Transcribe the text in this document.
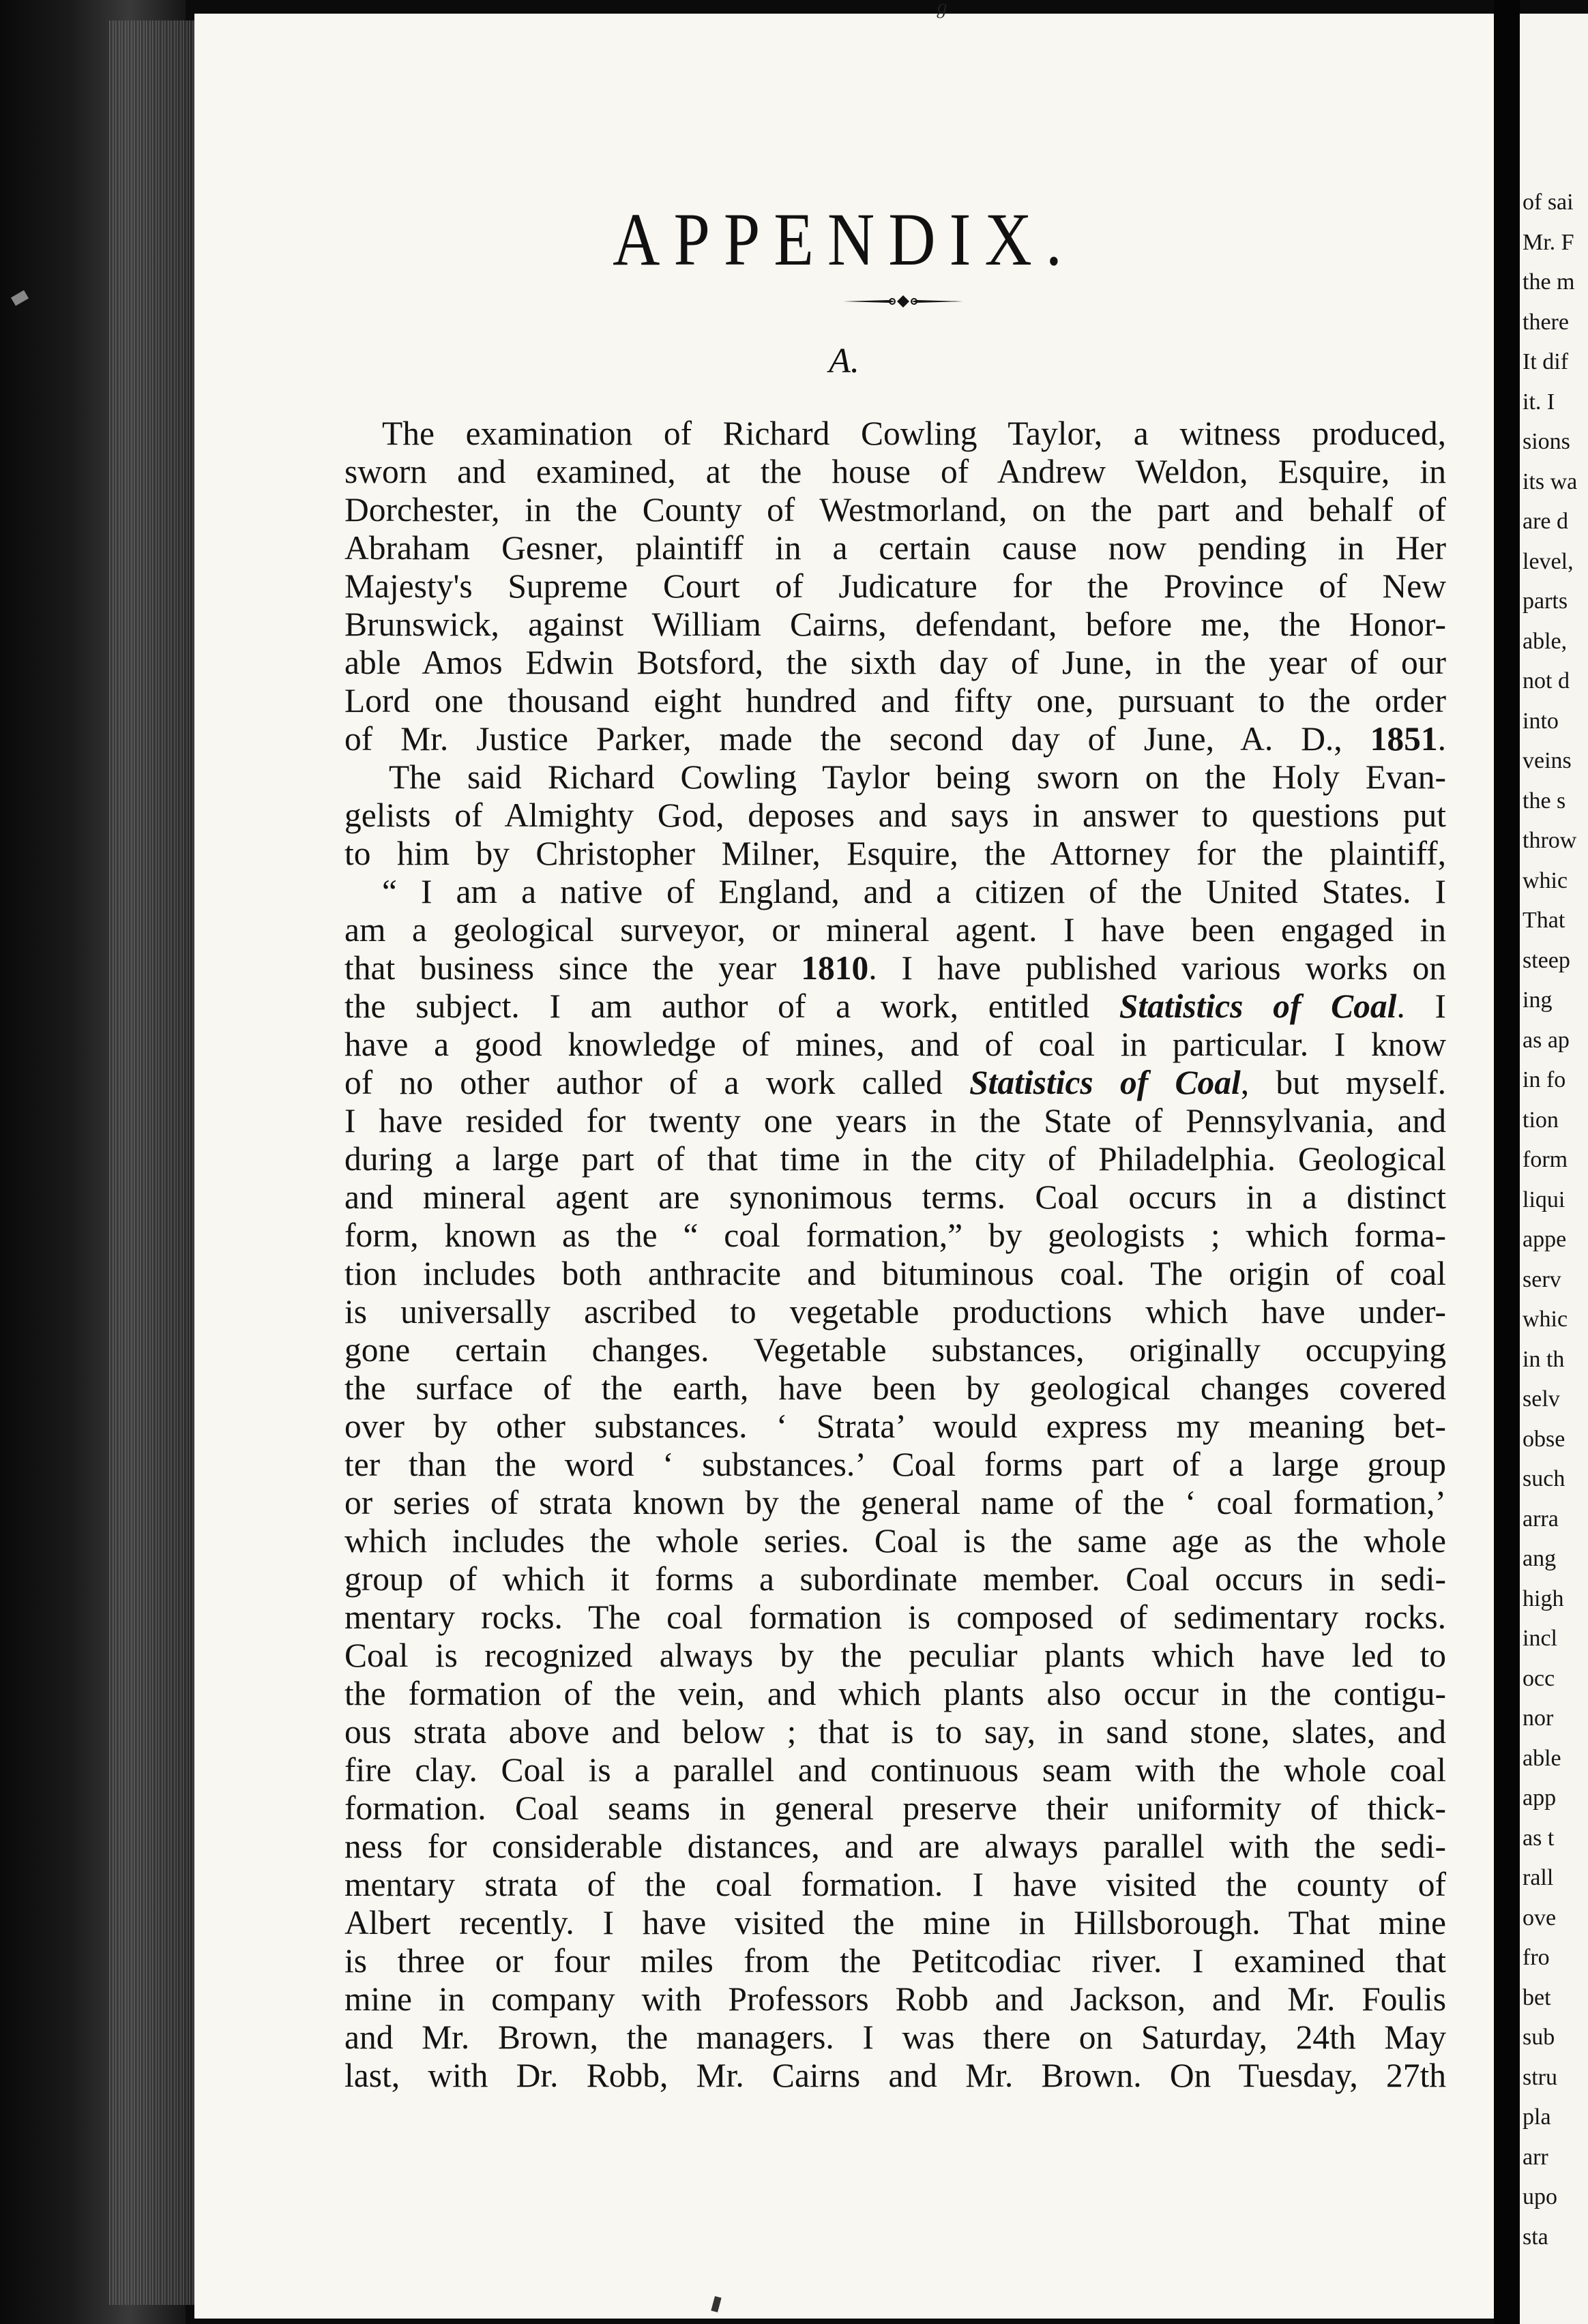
ℊ
APPENDIX.
A.
The examination of Richard Cowling Taylor, a witness produced,
sworn and examined, at the house of Andrew Weldon, Esquire, in
Dorchester, in the County of Westmorland, on the part and behalf of
Abraham Gesner, plaintiff in a certain cause now pending in Her
Majesty's Supreme Court of Judicature for the Province of New
Brunswick, against William Cairns, defendant, before me, the Honor-
able Amos Edwin Botsford, the sixth day of June, in the year of our
Lord one thousand eight hundred and fifty one, pursuant to the order
of Mr. Justice Parker, made the second day of June, A. D., 1851.
The said Richard Cowling Taylor being sworn on the Holy Evan-
gelists of Almighty God, deposes and says in answer to questions put
to him by Christopher Milner, Esquire, the Attorney for the plaintiff,
“ I am a native of England, and a citizen of the United States. I
am a geological surveyor, or mineral agent. I have been engaged in
that business since the year 1810. I have published various works on
the subject. I am author of a work, entitled Statistics of Coal. I
have a good knowledge of mines, and of coal in particular. I know
of no other author of a work called Statistics of Coal, but myself.
I have resided for twenty one years in the State of Pennsylvania, and
during a large part of that time in the city of Philadelphia. Geological
and mineral agent are synonimous terms. Coal occurs in a distinct
form, known as the “ coal formation,” by geologists ; which forma-
tion includes both anthracite and bituminous coal. The origin of coal
is universally ascribed to vegetable productions which have under-
gone certain changes. Vegetable substances, originally occupying
the surface of the earth, have been by geological changes covered
over by other substances. ‘ Strata’ would express my meaning bet-
ter than the word ‘ substances.’ Coal forms part of a large group
or series of strata known by the general name of the ‘ coal formation,’
which includes the whole series. Coal is the same age as the whole
group of which it forms a subordinate member. Coal occurs in sedi-
mentary rocks. The coal formation is composed of sedimentary rocks.
Coal is recognized always by the peculiar plants which have led to
the formation of the vein, and which plants also occur in the contigu-
ous strata above and below ; that is to say, in sand stone, slates, and
fire clay. Coal is a parallel and continuous seam with the whole coal
formation. Coal seams in general preserve their uniformity of thick-
ness for considerable distances, and are always parallel with the sedi-
mentary strata of the coal formation. I have visited the county of
Albert recently. I have visited the mine in Hillsborough. That mine
is three or four miles from the Petitcodiac river. I examined that
mine in company with Professors Robb and Jackson, and Mr. Foulis
and Mr. Brown, the managers. I was there on Saturday, 24th May
last, with Dr. Robb, Mr. Cairns and Mr. Brown. On Tuesday, 27th
of sai
Mr. F
the m
there
It dif
it. I
sions
its wa
are d
level,
parts
able,
not d
into
veins
the s
throw
whic
That
steep
ing
as ap
in fo
tion
form
liqui
appe
serv
whic
in th
selv
obse
such
arra
ang
high
incl
occ
nor
able
app
as t
rall
ove
fro
bet
sub
stru
pla
arr
upo
sta
